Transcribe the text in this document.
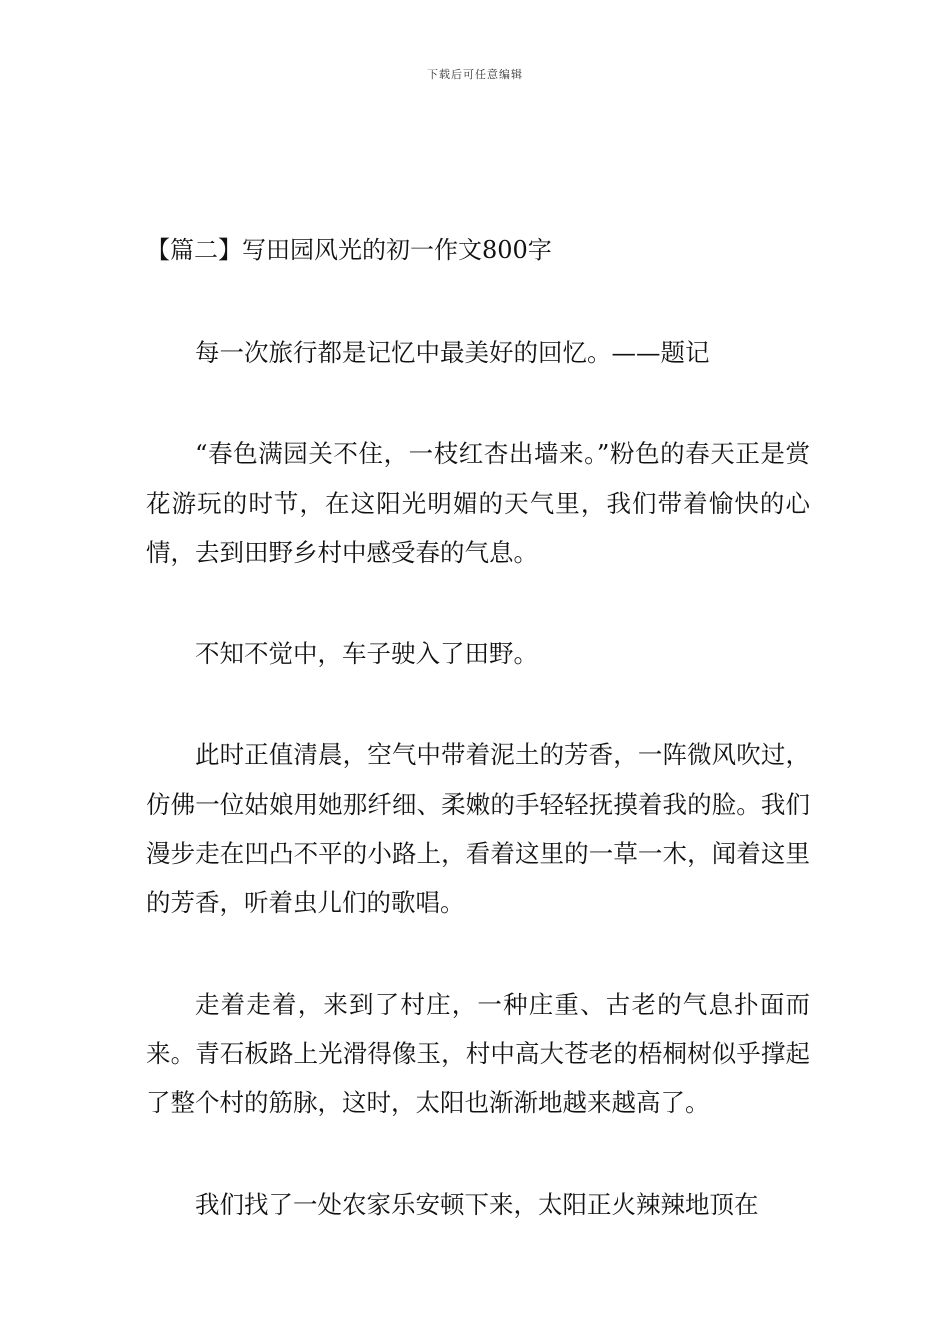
下载后可任意编辑
【篇二】写田园风光的初一作文800字

每一次旅行都是记忆中最美好的回忆。——题记

“春色满园关不住，一枝红杏出墙来。”粉色的春天正是赏花游玩的时节，在这阳光明媚的天气里，我们带着愉快的心情，去到田野乡村中感受春的气息。

不知不觉中，车子驶入了田野。

此时正值清晨，空气中带着泥土的芳香，一阵微风吹过，仿佛一位姑娘用她那纤细、柔嫩的手轻轻抚摸着我的脸。我们漫步走在凹凸不平的小路上，看着这里的一草一木，闻着这里的芳香，听着虫儿们的歌唱。

走着走着，来到了村庄，一种庄重、古老的气息扑面而来。青石板路上光滑得像玉，村中高大苍老的梧桐树似乎撑起了整个村的筋脉，这时，太阳也渐渐地越来越高了。

我们找了一处农家乐安顿下来，太阳正火辣辣地顶在
